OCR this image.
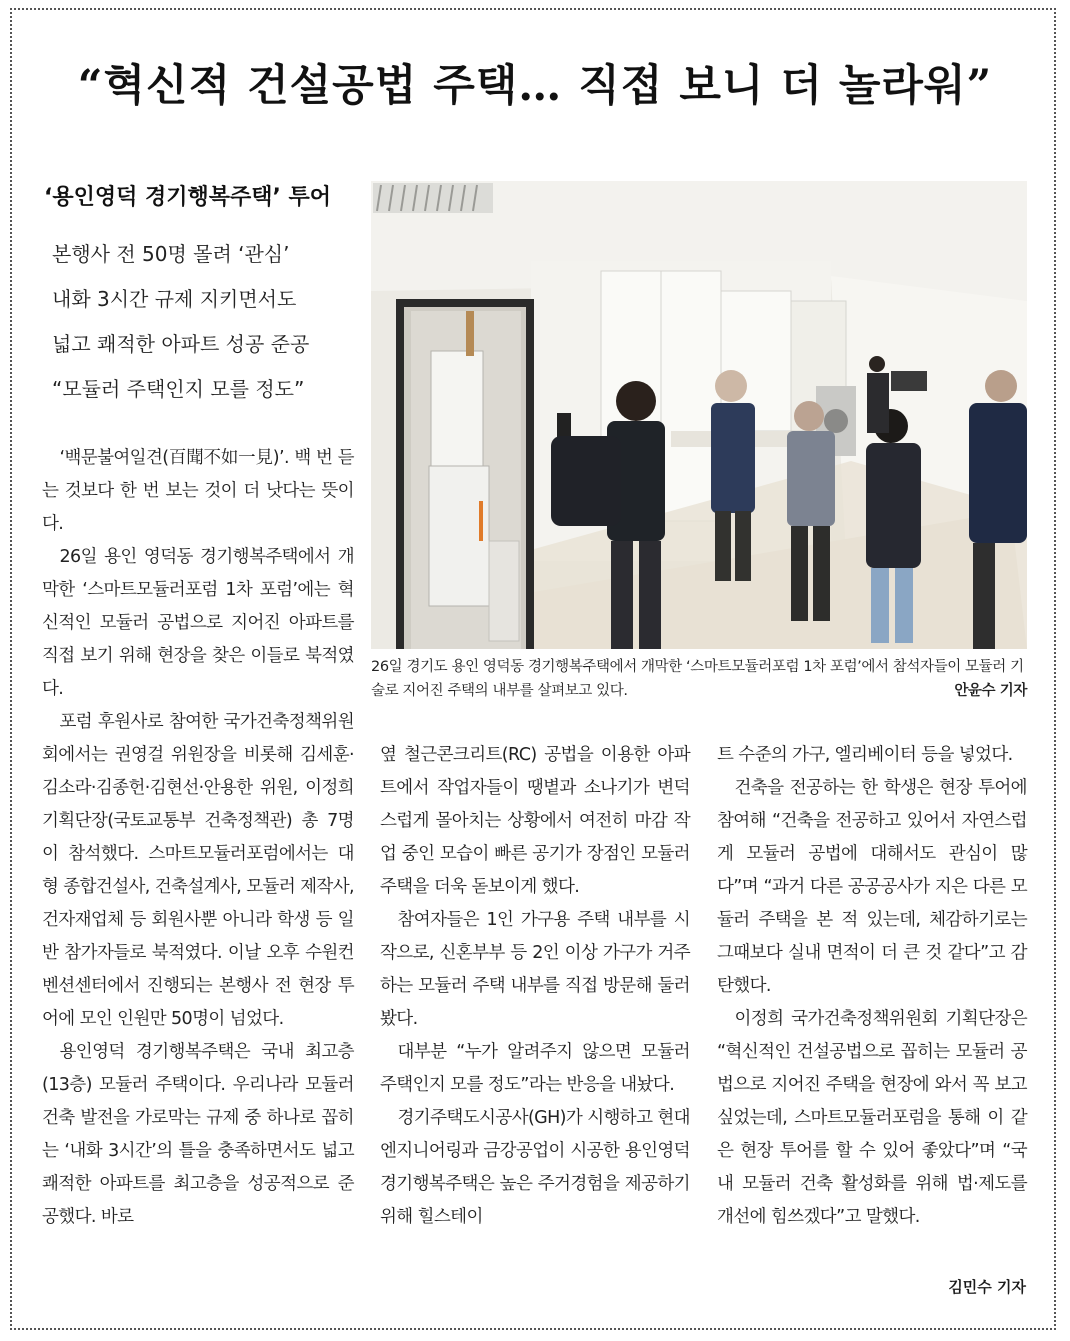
“혁신적 건설공법 주택… 직접 보니 더 놀라워”
‘용인영덕 경기행복주택’ 투어
본행사 전 50명 몰려 ‘관심’
내화 3시간 규제 지키면서도
넓고 쾌적한 아파트 성공 준공
“모듈러 주택인지 모를 정도”
26일 경기도 용인 영덕동 경기행복주택에서 개막한 ‘스마트모듈러포럼 1차 포럼’에서 참석자들이 모듈러 기술로 지어진 주택의 내부를 살펴보고 있다.	안윤수 기자

‘백문불여일견(百聞不如一見)’. 백 번 듣는 것보다 한 번 보는 것이 더 낫다는 뜻이다.

26일 용인 영덕동 경기행복주택에서 개막한 ‘스마트모듈러포럼 1차 포럼’에는 혁신적인 모듈러 공법으로 지어진 아파트를 직접 보기 위해 현장을 찾은 이들로 북적였다.

포럼 후원사로 참여한 국가건축정책위원회에서는 권영걸 위원장을 비롯해 김세훈·김소라·김종헌·김현선·안용한 위원, 이정희 기획단장(국토교통부 건축정책관) 총 7명이 참석했다. 스마트모듈러포럼에서는 대형 종합건설사, 건축설계사, 모듈러 제작사, 건자재업체 등 회원사뿐 아니라 학생 등 일반 참가자들로 북적였다. 이날 오후 수원컨벤션센터에서 진행되는 본행사 전 현장 투어에 모인 인원만 50명이 넘었다.

용인영덕 경기행복주택은 국내 최고층(13층) 모듈러 주택이다. 우리나라 모듈러 건축 발전을 가로막는 규제 중 하나로 꼽히는 ‘내화 3시간’의 틀을 충족하면서도 넓고 쾌적한 아파트를 최고층을 성공적으로 준공했다. 바로

옆 철근콘크리트(RC) 공법을 이용한 아파트에서 작업자들이 땡볕과 소나기가 변덕스럽게 몰아치는 상황에서 여전히 마감 작업 중인 모습이 빠른 공기가 장점인 모듈러 주택을 더욱 돋보이게 했다.

참여자들은 1인 가구용 주택 내부를 시작으로, 신혼부부 등 2인 이상 가구가 거주하는 모듈러 주택 내부를 직접 방문해 둘러봤다.

대부분 “누가 알려주지 않으면 모듈러 주택인지 모를 정도”라는 반응을 내놨다.

경기주택도시공사(GH)가 시행하고 현대엔지니어링과 금강공업이 시공한 용인영덕경기행복주택은 높은 주거경험을 제공하기 위해 힐스테이

트 수준의 가구, 엘리베이터 등을 넣었다.

건축을 전공하는 한 학생은 현장 투어에 참여해 “건축을 전공하고 있어서 자연스럽게 모듈러 공법에 대해서도 관심이 많다”며 “과거 다른 공공공사가 지은 다른 모듈러 주택을 본 적 있는데, 체감하기로는 그때보다 실내 면적이 더 큰 것 같다”고 감탄했다.

이정희 국가건축정책위원회 기획단장은 “혁신적인 건설공법으로 꼽히는 모듈러 공법으로 지어진 주택을 현장에 와서 꼭 보고 싶었는데, 스마트모듈러포럼을 통해 이 같은 현장 투어를 할 수 있어 좋았다”며 “국내 모듈러 건축 활성화를 위해 법·제도를 개선에 힘쓰겠다”고 말했다.

김민수 기자
